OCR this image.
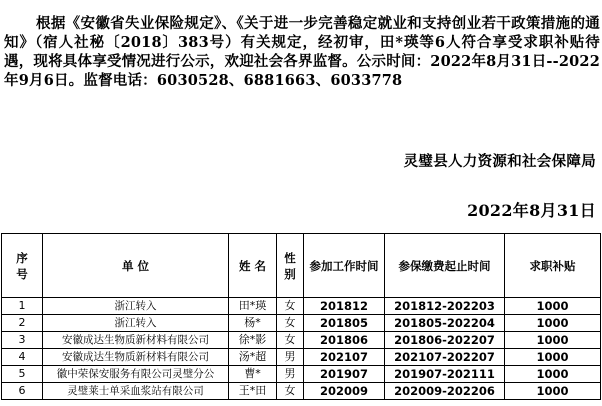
根据《安徽省失业保险规定》、《关于进一步完善稳定就业和支持创业若干政策措施的通知》（宿人社秘〔2018〕383号）有关规定，经初审，田*瑛等6人符合享受求职补贴待遇，现将具体享受情况进行公示，欢迎社会各界监督。公示时间：2022年8月31日--2022年9月6日。监督电话：6030528、6881663、6033778
灵璧县人力资源和社会保障局
2022年8月31日
序号	单 位	姓 名	性别	参加工作时间	参保缴费起止时间	求职补贴
1	浙江转入	田*瑛	女	201812	201812-202203	1000
2	浙江转入	杨*	女	201805	201805-202204	1000
3	安徽成达生物质新材料有限公司	徐*影	女	201806	201806-202207	1000
4	安徽成达生物质新材料有限公司	汤*超	男	202107	202107-202207	1000
5	徽中荣保安服务有限公司灵璧分公	曹*	男	201907	201907-202111	1000
6	灵璧莱士单采血浆站有限公司	王*田	女	202009	202009-202206	1000
